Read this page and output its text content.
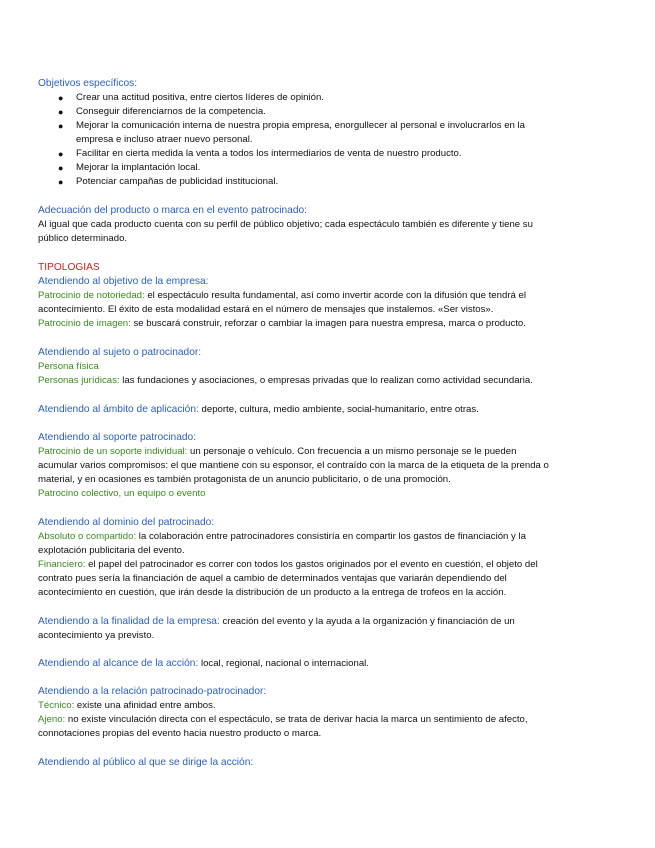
Objetivos específicos:
● Crear una actitud positiva, entre ciertos líderes de opinión.
● Conseguir diferenciarnos de la competencia.
● Mejorar la comunicación interna de nuestra propia empresa, enorgullecer al personal e involucrarlos en la
empresa e incluso atraer nuevo personal.
● Facilitar en cierta medida la venta a todos los intermediarios de venta de nuestro producto.
● Mejorar la implantación local.
● Potenciar campañas de publicidad institucional.
Adecuación del producto o marca en el evento patrocinado:
Al igual que cada producto cuenta con su perfil de público objetivo; cada espectáculo también es diferente y tiene su
público determinado.
TIPOLOGIAS
Atendiendo al objetivo de la empresa:
Patrocinio de notoriedad: el espectáculo resulta fundamental, así como invertir acorde con la difusión que tendrá el
acontecimiento. El éxito de esta modalidad estará en el número de mensajes que instalemos. «Ser vistos».
Patrocinio de imagen: se buscará construir, reforzar o cambiar la imagen para nuestra empresa, marca o producto.
Atendiendo al sujeto o patrocinador:
Persona física
Personas jurídicas: las fundaciones y asociaciones, o empresas privadas que lo realizan como actividad secundaria.
Atendiendo al ámbito de aplicación: deporte, cultura, medio ambiente, social-humanitario, entre otras.
Atendiendo al soporte patrocinado:
Patrocinio de un soporte individual: un personaje o vehículo. Con frecuencia a un mismo personaje se le pueden
acumular varios compromisos: el que mantiene con su esponsor, el contraído con la marca de la etiqueta de la prenda o
material, y en ocasiones es también protagonista de un anuncio publicitario, o de una promoción.
Patrocino colectivo, un equipo o evento
Atendiendo al dominio del patrocinado:
Absoluto o compartido: la colaboración entre patrocinadores consistiría en compartir los gastos de financiación y la
explotación publicitaria del evento.
Financiero: el papel del patrocinador es correr con todos los gastos originados por el evento en cuestión, el objeto del
contrato pues sería la financiación de aquel a cambio de determinados ventajas que variarán dependiendo del
acontecimiento en cuestión, que irán desde la distribución de un producto a la entrega de trofeos en la acción.
Atendiendo a la finalidad de la empresa: creación del evento y la ayuda a la organización y financiación de un
acontecimiento ya previsto.
Atendiendo al alcance de la acción: local, regional, nacional o internacional.
Atendiendo a la relación patrocinado-patrocinador:
Técnico: existe una afinidad entre ambos.
Ajeno: no existe vinculación directa con el espectáculo, se trata de derivar hacia la marca un sentimiento de afecto,
connotaciones propias del evento hacia nuestro producto o marca.
Atendiendo al público al que se dirige la acción:
